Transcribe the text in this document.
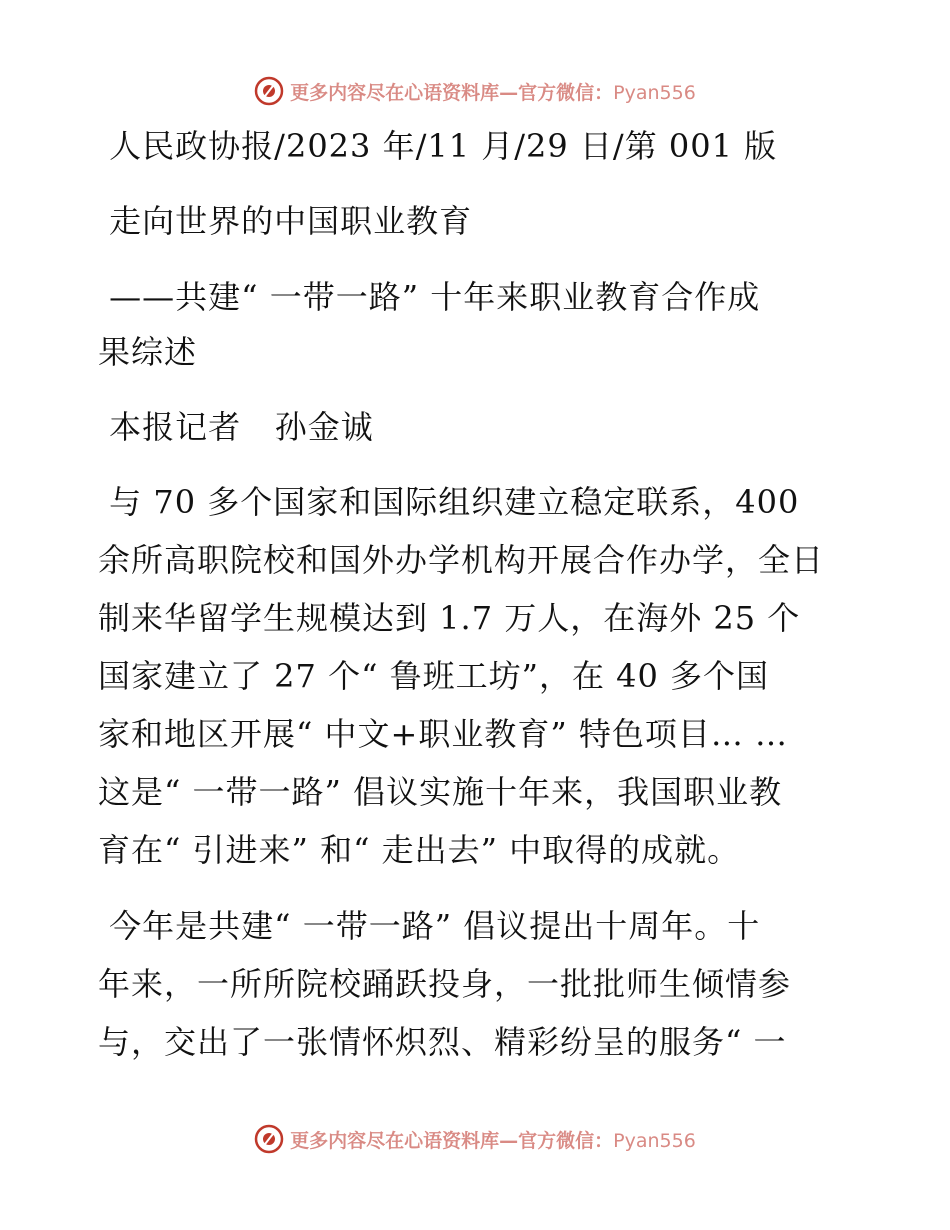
更多内容尽在心语资料库—官方微信：Pyan556
人民政协报/2023 年/11 月/29 日/第 001 版
走向世界的中国职业教育
——共建“ 一带一路” 十年来职业教育合作成
果综述
本报记者   孙金诚
与 70 多个国家和国际组织建立稳定联系，400
余所高职院校和国外办学机构开展合作办学，全日
制来华留学生规模达到 1.7 万人，在海外 25 个
国家建立了 27 个“ 鲁班工坊”，在 40 多个国
家和地区开展“ 中文+职业教育” 特色项目… …
这是“ 一带一路” 倡议实施十年来，我国职业教
育在“ 引进来” 和“ 走出去” 中取得的成就。
今年是共建“ 一带一路” 倡议提出十周年。十
年来，一所所院校踊跃投身，一批批师生倾情参
与，交出了一张情怀炽烈、精彩纷呈的服务“ 一
更多内容尽在心语资料库—官方微信：Pyan556
